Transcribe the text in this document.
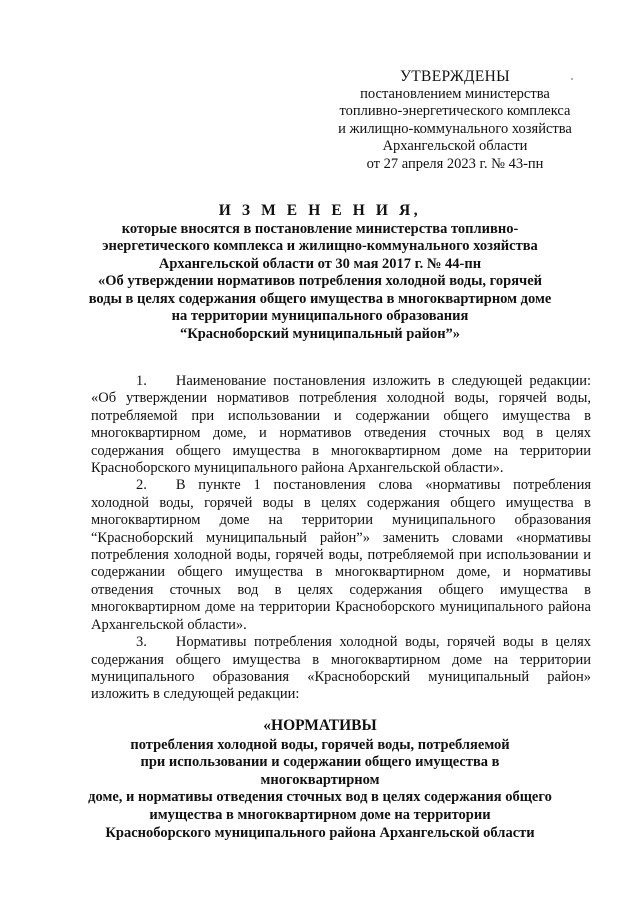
УТВЕРЖДЕНЫ
постановлением министерства
топливно-энергетического комплекса
и жилищно-коммунального хозяйства
Архангельской области
от 27 апреля 2023 г. № 43-пн
И З М Е Н Е Н И Я,
которые вносятся в постановление министерства топливно-
энергетического комплекса и жилищно-коммунального хозяйства
Архангельской области от 30 мая 2017 г. № 44-пн
«Об утверждении нормативов потребления холодной воды, горячей
воды в целях содержания общего имущества в многоквартирном доме
на территории муниципального образования
“Красноборский муниципальный район”»

1.  Наименование постановления изложить в следующей редакции: «Об утверждении нормативов потребления холодной воды, горячей воды, потребляемой при использовании и содержании общего имущества в многоквартирном доме, и нормативов отведения сточных вод в целях содержания общего имущества в многоквартирном доме на территории Красноборского муниципального района Архангельской области».

2.  В пункте 1 постановления слова «нормативы потребления холодной воды, горячей воды в целях содержания общего имущества в многоквартирном доме на территории муниципального образования “Красноборский муниципальный район”» заменить словами «нормативы потребления холодной воды, горячей воды, потребляемой при использовании и содержании общего имущества в многоквартирном доме, и нормативы отведения сточных вод в целях содержания общего имущества в многоквартирном доме на территории Красноборского муниципального района Архангельской области».

3.  Нормативы потребления холодной воды, горячей воды в целях содержания общего имущества в многоквартирном доме на территории муниципального образования «Красноборский муниципальный район» изложить в следующей редакции:

«НОРМАТИВЫ
потребления холодной воды, горячей воды, потребляемой
при использовании и содержании общего имущества в многоквартирном
доме, и нормативы отведения сточных вод в целях содержания общего
имущества в многоквартирном доме на территории
Красноборского муниципального района Архангельской области
